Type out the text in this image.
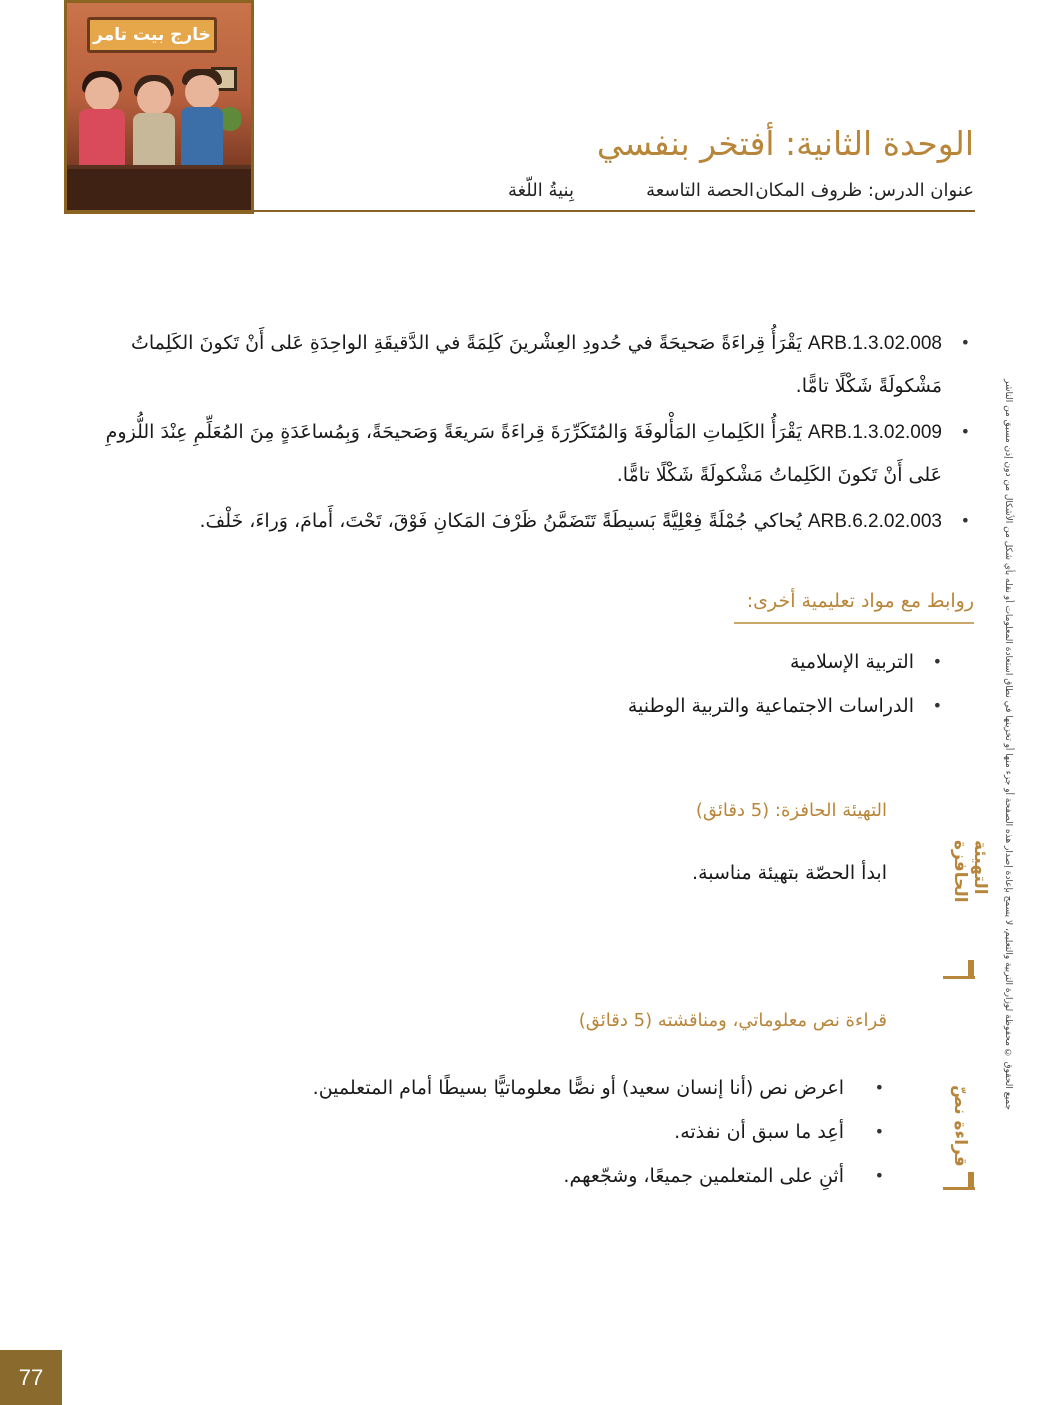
خارج بيت تامر
الوحدة الثانية: أفتخر بنفسي
عنوان الدرس: ظروف المكان
الحصة التاسعة
بِنيةُ اللّغة
جميع الحقوق © محفوظة لوزارة التربية والتعليم، لا يسمح بإعادة إصدار هذه الصفحة أو جزء منها أو تخزينها في نطاق استعادة المعلومات أو نقله بأي شكل من الأشكال من دون إذن مسبق من الناشر
• ARB.1.3.02.008 يَقْرَأُ قِراءَةً صَحيحَةً في حُدودِ العِشْرينَ كَلِمَةً في الدَّقيقَةِ الواحِدَةِ عَلى أَنْ تَكونَ الكَلِماتُ مَشْكولَةً شَكْلًا تامًّا.
• ARB.1.3.02.009 يَقْرَأُ الكَلِماتِ المَأْلوفَةَ وَالمُتَكَرِّرَةَ قِراءَةً سَريعَةً وَصَحيحَةً، وَبِمُساعَدَةٍ مِنَ المُعَلِّمِ عِنْدَ اللُّزومِ عَلى أَنْ تَكونَ الكَلِماتُ مَشْكولَةً شَكْلًا تامًّا.
• ARB.6.2.02.003 يُحاكي جُمْلَةً فِعْلِيَّةً بَسيطَةً تَتَضَمَّنُ ظَرْفَ المَكانِ فَوْقَ، تَحْتَ، أَمامَ، وَراءَ، خَلْفَ.
روابط مع مواد تعليمية أخرى:
• التربية الإسلامية
• الدراسات الاجتماعية والتربية الوطنية
التهيئة الحافزة
قراءة نصّ
التهيئة الحافزة: (5 دقائق)
ابدأ الحصّة بتهيئة مناسبة.
قراءة نص معلوماتي، ومناقشته (5 دقائق)
• اعرض نص (أنا إنسان سعيد) أو نصًّا معلوماتيًّا بسيطًا أمام المتعلمين.
• أعِد ما سبق أن نفذته.
• أثنِ على المتعلمين جميعًا، وشجّعهم.
77
